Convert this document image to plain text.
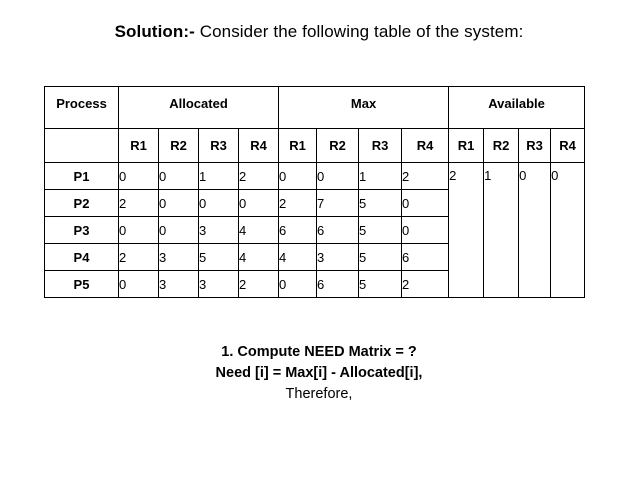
Solution:- Consider the following table of the system:
Process	Allocated				Max				Available			
	R1	R2	R3	R4	R1	R2	R3	R4	R1	R2	R3	R4
P1	0	0	1	2	0	0	1	2	2	1	0	0
P2	2	0	0	0	2	7	5	0				
P3	0	0	3	4	6	6	5	0				
P4	2	3	5	4	4	3	5	6				
P5	0	3	3	2	0	6	5	2				
1. Compute NEED Matrix = ?
Need [i] = Max[i] - Allocated[i],
Therefore,
